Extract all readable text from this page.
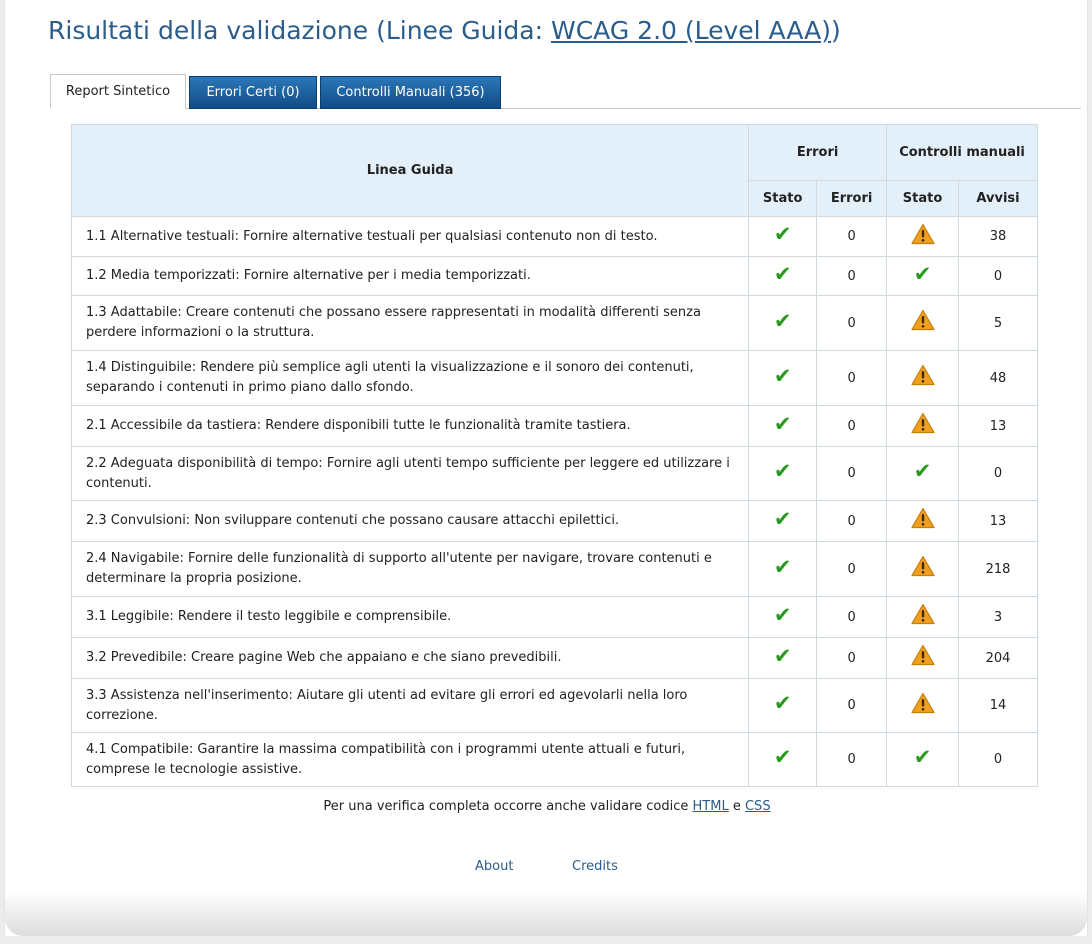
Risultati della validazione (Linee Guida: WCAG 2.0 (Level AAA))
Report Sintetico	Errori Certi (0)	Controlli Manuali (356)
Linea Guida	Errori		Controlli manuali	
	Stato	Errori	Stato	Avvisi
1.1 Alternative testuali: Fornire alternative testuali per qualsiasi contenuto non di testo.	✔	0		38
1.2 Media temporizzati: Fornire alternative per i media temporizzati.	✔	0	✔	0
1.3 Adattabile: Creare contenuti che possano essere rappresentati in modalità differenti senza perdere informazioni o la struttura.	✔	0		5
1.4 Distinguibile: Rendere più semplice agli utenti la visualizzazione e il sonoro dei contenuti, separando i contenuti in primo piano dallo sfondo.	✔	0		48
2.1 Accessibile da tastiera: Rendere disponibili tutte le funzionalità tramite tastiera.	✔	0		13
2.2 Adeguata disponibilità di tempo: Fornire agli utenti tempo sufficiente per leggere ed utilizzare i contenuti.	✔	0	✔	0
2.3 Convulsioni: Non sviluppare contenuti che possano causare attacchi epilettici.	✔	0		13
2.4 Navigabile: Fornire delle funzionalità di supporto all'utente per navigare, trovare contenuti e determinare la propria posizione.	✔	0		218
3.1 Leggibile: Rendere il testo leggibile e comprensibile.	✔	0		3
3.2 Prevedibile: Creare pagine Web che appaiano e che siano prevedibili.	✔	0		204
3.3 Assistenza nell'inserimento: Aiutare gli utenti ad evitare gli errori ed agevolarli nella loro correzione.	✔	0		14
4.1 Compatibile: Garantire la massima compatibilità con i programmi utente attuali e futuri, comprese le tecnologie assistive.	✔	0	✔	0
Per una verifica completa occorre anche validare codice HTML e CSS
About	Credits
